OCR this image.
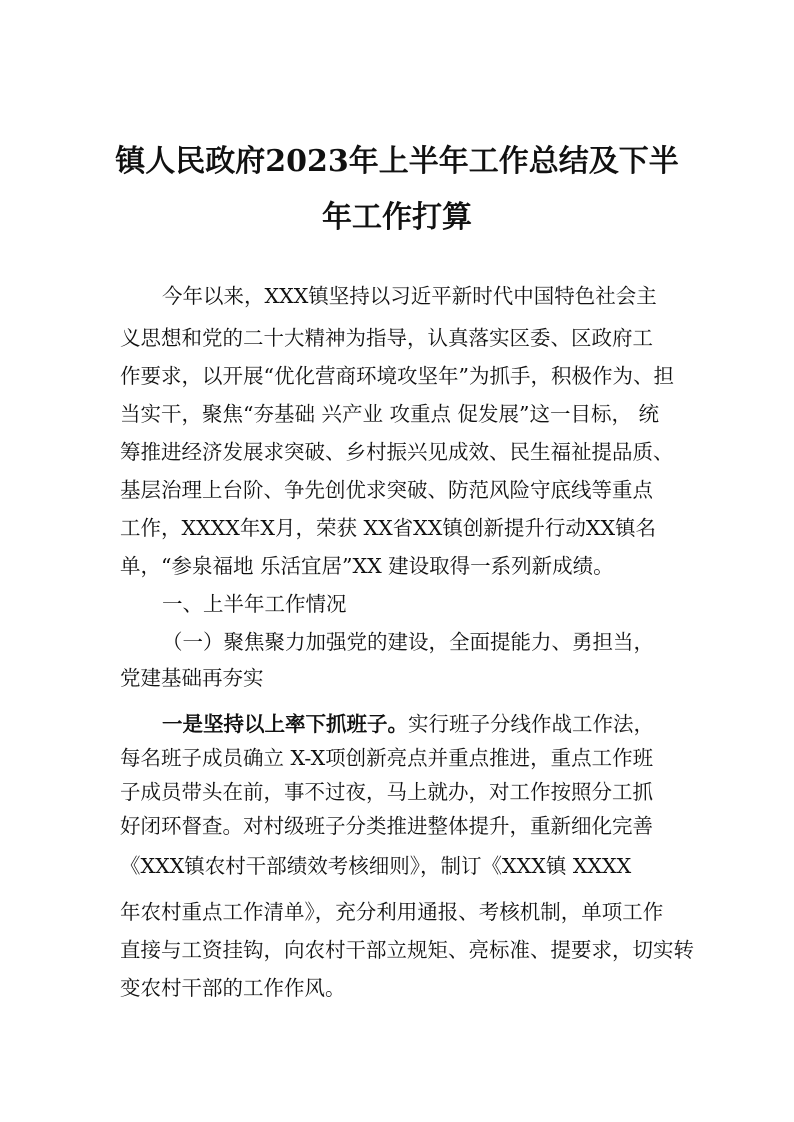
镇人民政府2023年上半年工作总结及下半
年工作打算
今年以来，XXX镇坚持以习近平新时代中国特色社会主
义思想和党的二十大精神为指导，认真落实区委、区政府工
作要求，以开展“优化营商环境攻坚年”为抓手，积极作为、担
当实干，聚焦“夯基础 兴产业 攻重点 促发展”这一目标， 统
筹推进经济发展求突破、乡村振兴见成效、民生福祉提品质、
基层治理上台阶、争先创优求突破、防范风险守底线等重点
工作，XXXX年X月，荣获 XX省XX镇创新提升行动XX镇名
单，“参泉福地 乐活宜居”XX 建设取得一系列新成绩。
一、上半年工作情况
（一）聚焦聚力加强党的建设，全面提能力、勇担当，
党建基础再夯实
一是坚持以上率下抓班子。实行班子分线作战工作法，
每名班子成员确立 X-X项创新亮点并重点推进，重点工作班
子成员带头在前，事不过夜，马上就办，对工作按照分工抓
好闭环督查。对村级班子分类推进整体提升，重新细化完善
《XXX镇农村干部绩效考核细则》，制订《XXX镇 XXXX
年农村重点工作清单》，充分利用通报、考核机制，单项工作
直接与工资挂钩，向农村干部立规矩、亮标准、提要求，切实转
变农村干部的工作作风。
